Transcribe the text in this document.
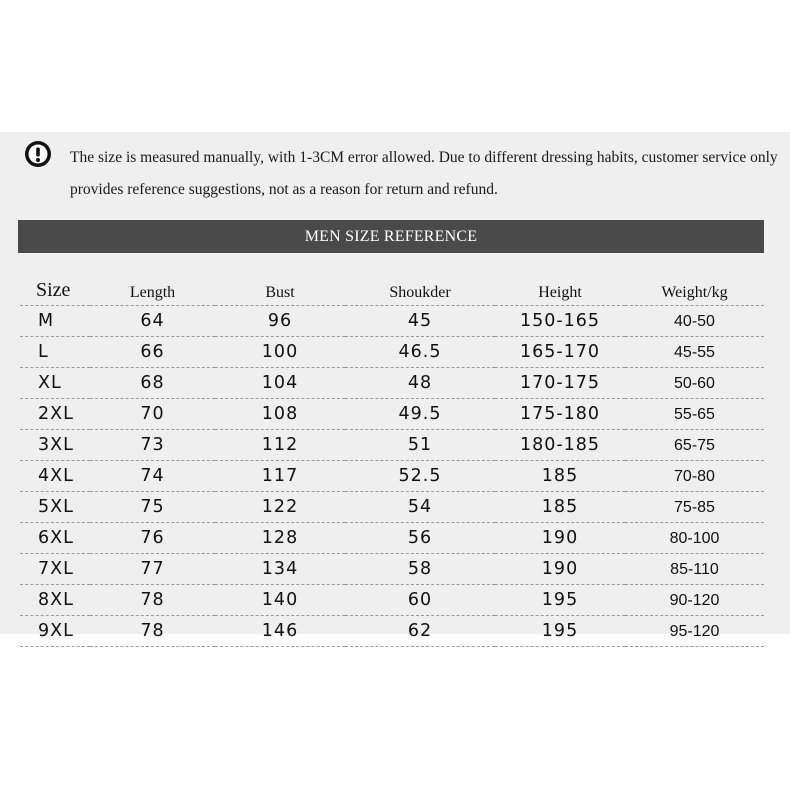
The size is measured manually, with 1-3CM error allowed. Due to different dressing habits, customer service only provides reference suggestions, not as a reason for return and refund.
MEN SIZE REFERENCE
Size	Length	Bust	Shoukder	Height	Weight/kg
M	64	96	45	150-165	40-50
L	66	100	46.5	165-170	45-55
XL	68	104	48	170-175	50-60
2XL	70	108	49.5	175-180	55-65
3XL	73	112	51	180-185	65-75
4XL	74	117	52.5	185	70-80
5XL	75	122	54	185	75-85
6XL	76	128	56	190	80-100
7XL	77	134	58	190	85-110
8XL	78	140	60	195	90-120
9XL	78	146	62	195	95-120
